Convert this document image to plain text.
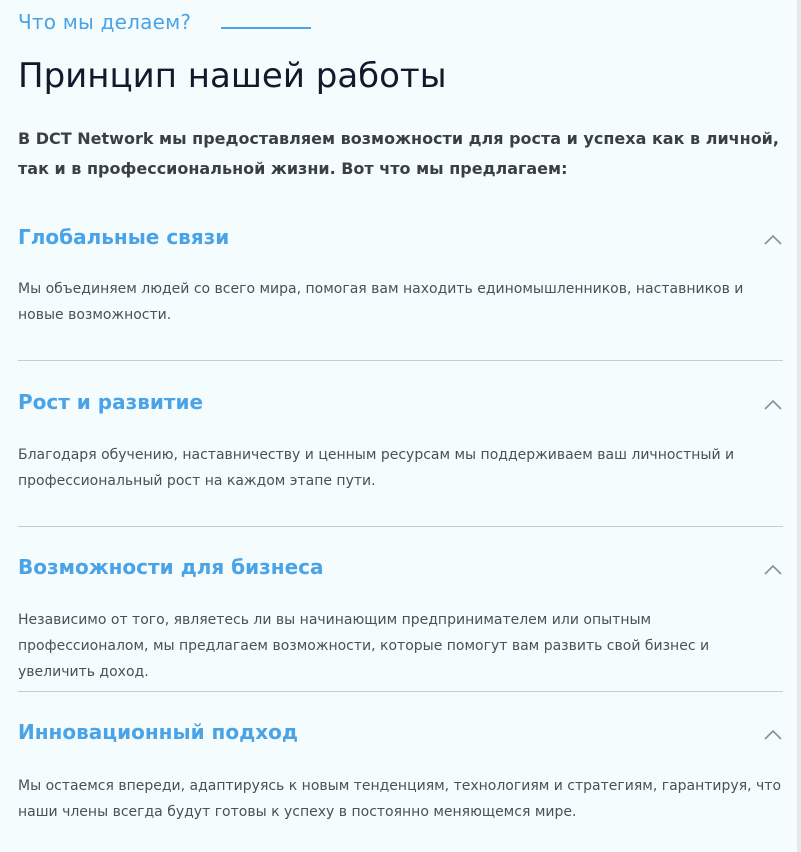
Что мы делаем?
Принцип нашей работы

В DCT Network мы предоставляем возможности для роста и успеха как в личной, так и в профессиональной жизни. Вот что мы предлагаем:

Глобальные связи

Мы объединяем людей со всего мира, помогая вам находить единомышленников, наставников и новые возможности.

Рост и развитие

Благодаря обучению, наставничеству и ценным ресурсам мы поддерживаем ваш личностный и профессиональный рост на каждом этапе пути.

Возможности для бизнеса

Независимо от того, являетесь ли вы начинающим предпринимателем или опытным профессионалом, мы предлагаем возможности, которые помогут вам развить свой бизнес и увеличить доход.

Инновационный подход

Мы остаемся впереди, адаптируясь к новым тенденциям, технологиям и стратегиям, гарантируя, что наши члены всегда будут готовы к успеху в постоянно меняющемся мире.
